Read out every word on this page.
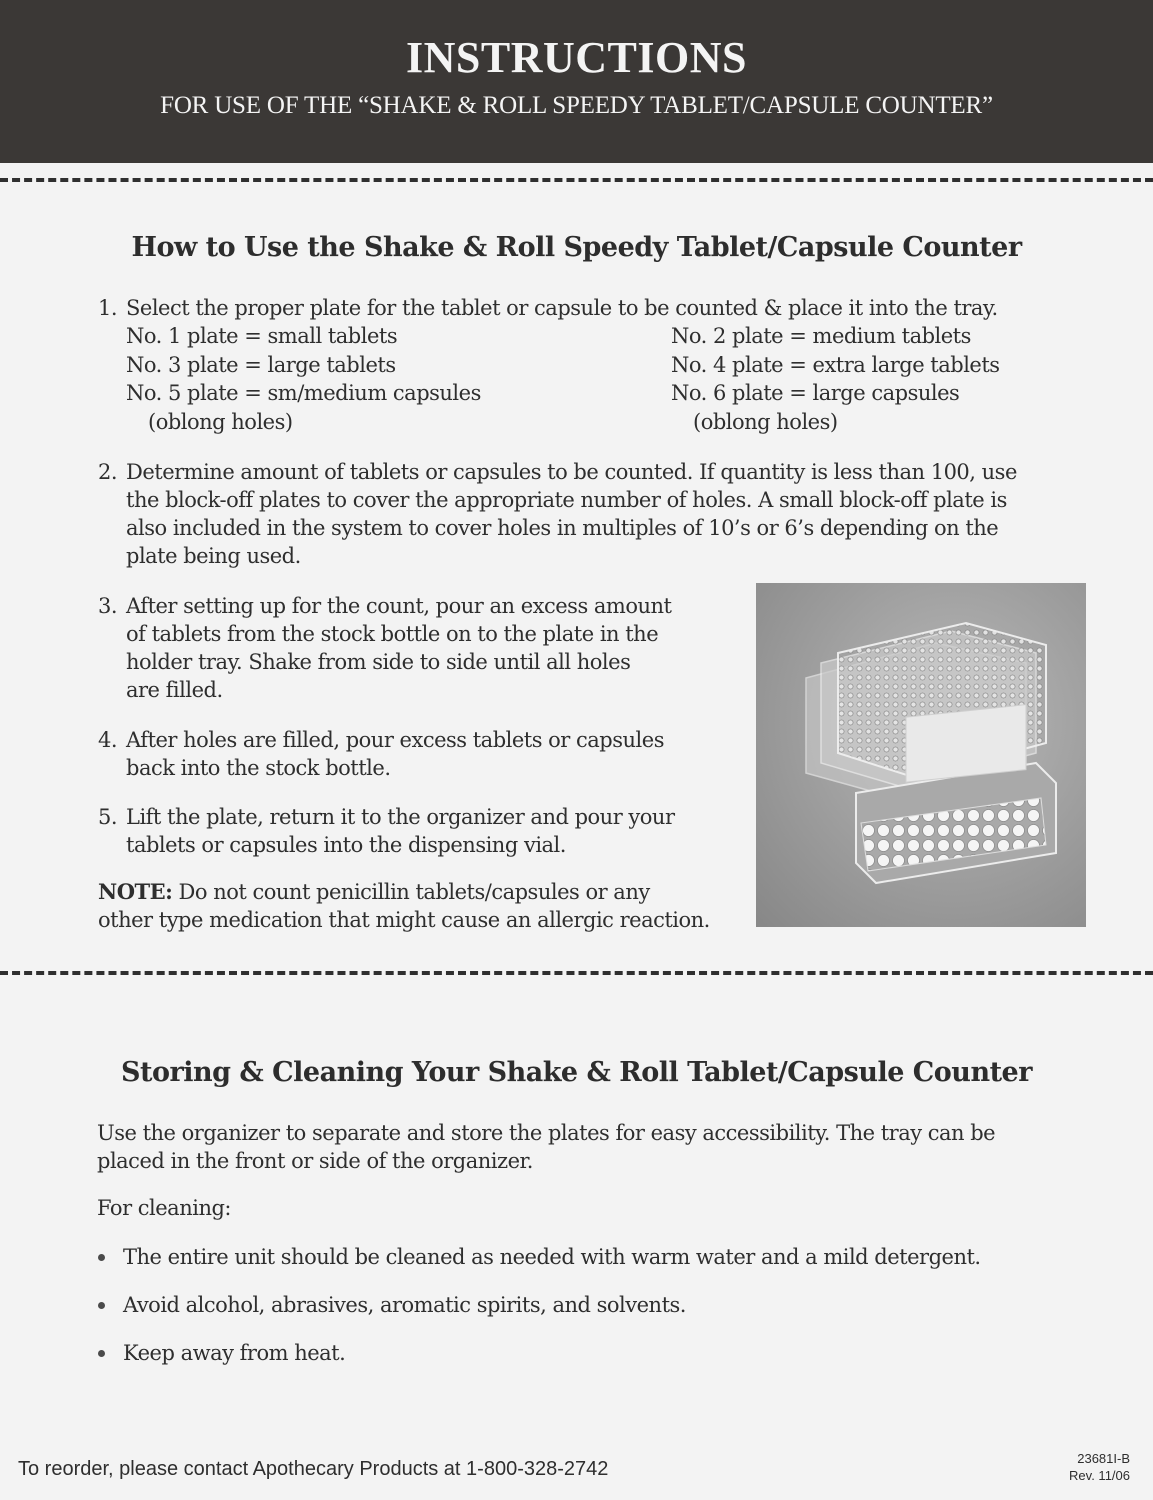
INSTRUCTIONS
FOR USE OF THE “SHAKE & ROLL SPEEDY TABLET/CAPSULE COUNTER”
How to Use the Shake & Roll Speedy Tablet/Capsule Counter

1. Select the proper plate for the tablet or capsule to be counted & place it into the tray.

No. 1 plate = small tablets

No. 3 plate = large tablets

No. 5 plate = sm/medium capsules

(oblong holes)

No. 2 plate = medium tablets

No. 4 plate = extra large tablets

No. 6 plate = large capsules

(oblong holes)

2. Determine amount of tablets or capsules to be counted. If quantity is less than 100, use

the block-off plates to cover the appropriate number of holes. A small block-off plate is

also included in the system to cover holes in multiples of 10’s or 6’s depending on the

plate being used.

3. After setting up for the count, pour an excess amount

of tablets from the stock bottle on to the plate in the

holder tray. Shake from side to side until all holes

are filled.

4. After holes are filled, pour excess tablets or capsules

back into the stock bottle.

5. Lift the plate, return it to the organizer and pour your

tablets or capsules into the dispensing vial.

NOTE: Do not count penicillin tablets/capsules or any

other type medication that might cause an allergic reaction.

Storing & Cleaning Your Shake & Roll Tablet/Capsule Counter

Use the organizer to separate and store the plates for easy accessibility. The tray can be

placed in the front or side of the organizer.

For cleaning:

The entire unit should be cleaned as needed with warm water and a mild detergent.

Avoid alcohol, abrasives, aromatic spirits, and solvents.

Keep away from heat.

To reorder, please contact Apothecary Products at 1-800-328-2742	23681I-B
Rev. 11/06
